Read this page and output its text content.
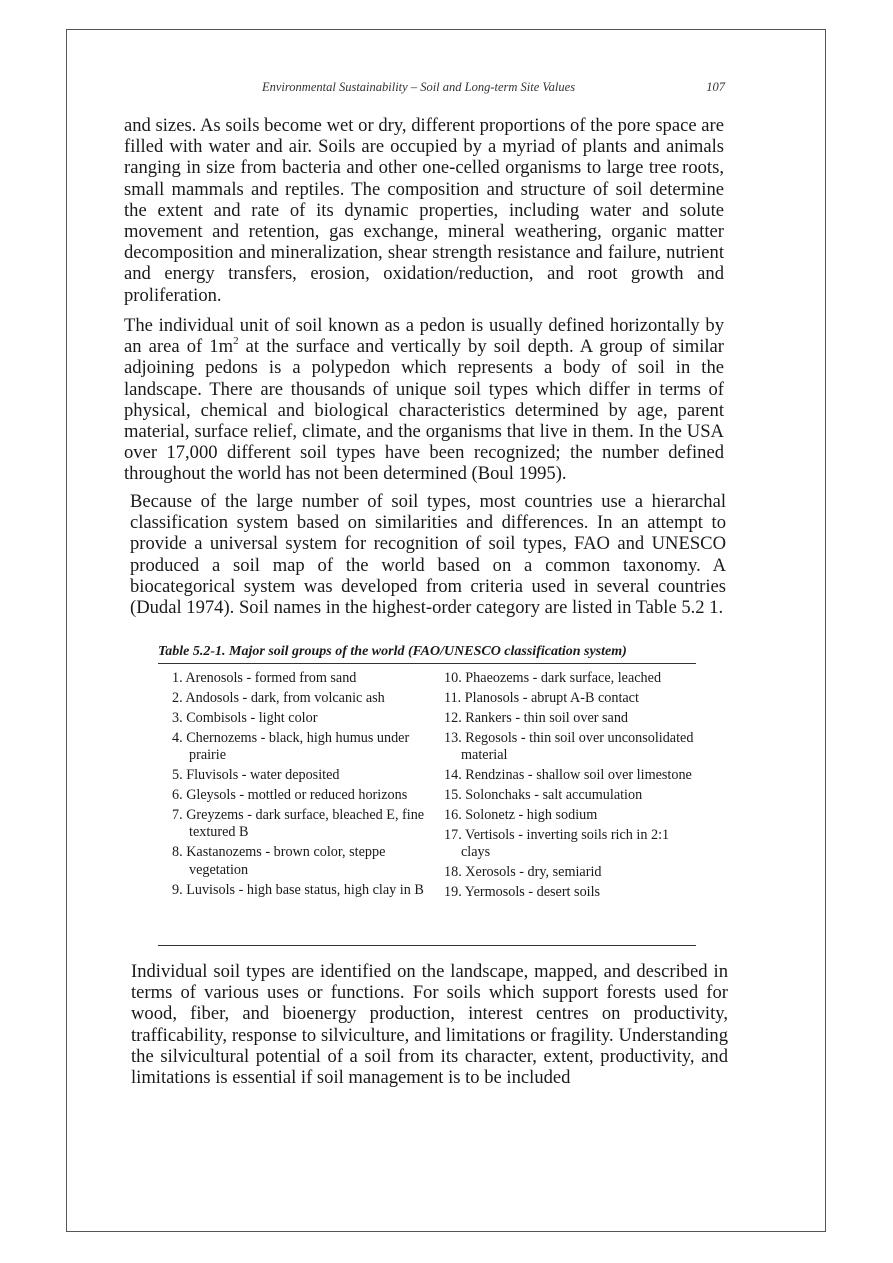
Environmental Sustainability – Soil and Long-term Site Values	107

and sizes. As soils become wet or dry, different proportions of the pore space are filled with water and air. Soils are occupied by a myriad of plants and animals ranging in size from bacteria and other one-celled organisms to large tree roots, small mammals and reptiles. The composition and structure of soil determine the extent and rate of its dynamic properties, including water and solute movement and retention, gas exchange, mineral weathering, organic matter decomposition and mineralization, shear strength resistance and failure, nutrient and energy transfers, erosion, oxidation/reduction, and root growth and proliferation.

The individual unit of soil known as a pedon is usually defined horizontally by an area of $1m^2$ at the surface and vertically by soil depth. A group of similar adjoining pedons is a polypedon which represents a body of soil in the landscape. There are thousands of unique soil types which differ in terms of physical, chemical and biological characteristics determined by age, parent material, surface relief, climate, and the organisms that live in them. In the USA over 17,000 different soil types have been recognized; the number defined throughout the world has not been determined (Boul 1995).

Because of the large number of soil types, most countries use a hierarchal classification system based on similarities and differences. In an attempt to provide a universal system for recognition of soil types, FAO and UNESCO produced a soil map of the world based on a common taxonomy. A biocategorical system was developed from criteria used in several countries (Dudal 1974). Soil names in the highest-order category are listed in Table 5.2 1.

Table 5.2-1. Major soil groups of the world (FAO/UNESCO classification system)
1. Arenosols - formed from sand
2. Andosols - dark, from volcanic ash
3. Combisols - light color
4. Chernozems - black, high humus under prairie
5. Fluvisols - water deposited
6. Gleysols - mottled or reduced horizons
7. Greyzems - dark surface, bleached E, fine textured B
8. Kastanozems - brown color, steppe vegetation
9. Luvisols - high base status, high clay in B
10. Phaeozems - dark surface, leached
11. Planosols - abrupt A-B contact
12. Rankers - thin soil over sand
13. Regosols - thin soil over unconsolidated material
14. Rendzinas - shallow soil over limestone
15. Solonchaks - salt accumulation
16. Solonetz - high sodium
17. Vertisols - inverting soils rich in 2:1 clays
18. Xerosols - dry, semiarid
19. Yermosols - desert soils

Individual soil types are identified on the landscape, mapped, and described in terms of various uses or functions. For soils which support forests used for wood, fiber, and bioenergy production, interest centres on productivity, trafficability, response to silviculture, and limitations or fragility. Understanding the silvicultural potential of a soil from its character, extent, productivity, and limitations is essential if soil management is to be included
